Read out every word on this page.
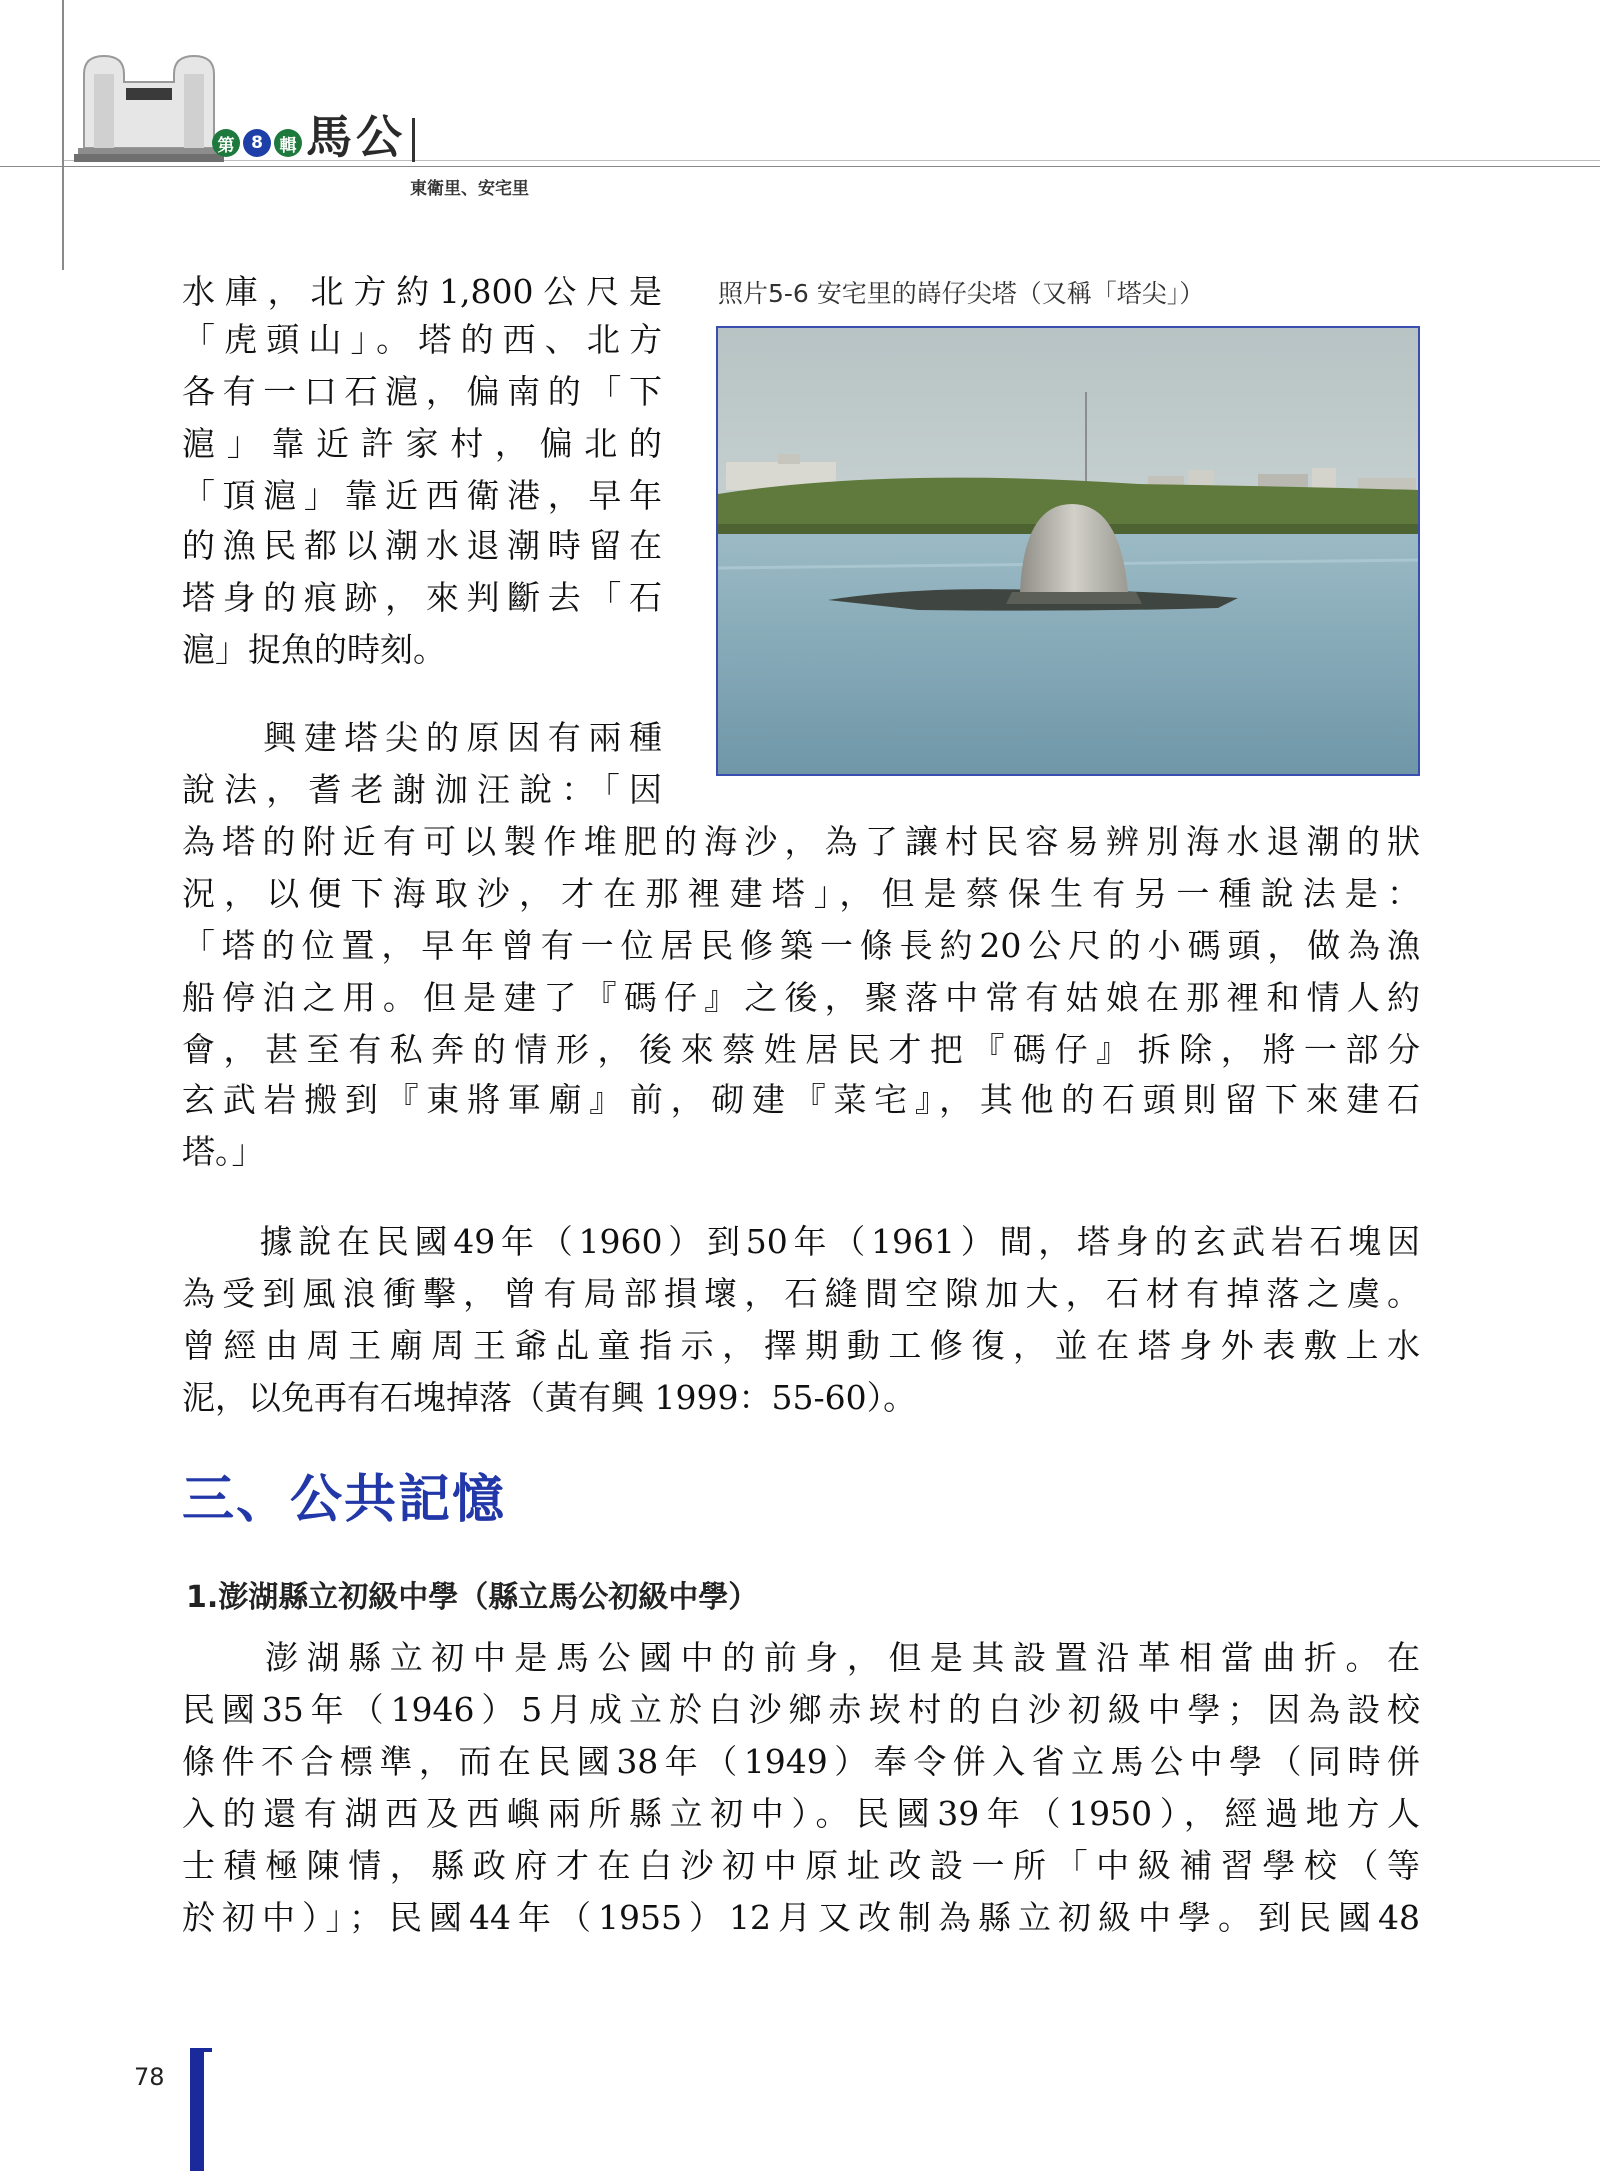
第 8 輯 馬公
東衛里、安宅里
照片5-6 安宅里的嵵仔尖塔（又稱「塔尖」）

水庫，北方約1,800公尺是

「虎頭山」。塔的西、北方

各有一口石滬，偏南的「下

滬」靠近許家村，偏北的

「頂滬」靠近西衛港，早年

的漁民都以潮水退潮時留在

塔身的痕跡，來判斷去「石

滬」捉魚的時刻。

　　興建塔尖的原因有兩種

說法，耆老謝泇汪說：「因

為塔的附近有可以製作堆肥的海沙，為了讓村民容易辨別海水退潮的狀

況，以便下海取沙，才在那裡建塔」，但是蔡保生有另一種說法是：

「塔的位置，早年曾有一位居民修築一條長約20公尺的小碼頭，做為漁

船停泊之用。但是建了『碼仔』之後，聚落中常有姑娘在那裡和情人約

會，甚至有私奔的情形，後來蔡姓居民才把『碼仔』拆除，將一部分

玄武岩搬到『東將軍廟』前，砌建『菜宅』，其他的石頭則留下來建石

塔。」

　　據說在民國49年（1960）到50年（1961）間，塔身的玄武岩石塊因

為受到風浪衝擊，曾有局部損壞，石縫間空隙加大，石材有掉落之虞。

曾經由周王廟周王爺乩童指示，擇期動工修復，並在塔身外表敷上水

泥，以免再有石塊掉落（黃有興 1999：55-60）。

三、公共記憶
1.澎湖縣立初級中學（縣立馬公初級中學）

　　澎湖縣立初中是馬公國中的前身，但是其設置沿革相當曲折。在

民國35年（1946）5月成立於白沙鄉赤崁村的白沙初級中學；因為設校

條件不合標準，而在民國38年（1949）奉令併入省立馬公中學（同時併

入的還有湖西及西嶼兩所縣立初中）。民國39年（1950），經過地方人

士積極陳情，縣政府才在白沙初中原址改設一所「中級補習學校（等

於初中）」；民國44年（1955）12月又改制為縣立初級中學。到民國48

78
